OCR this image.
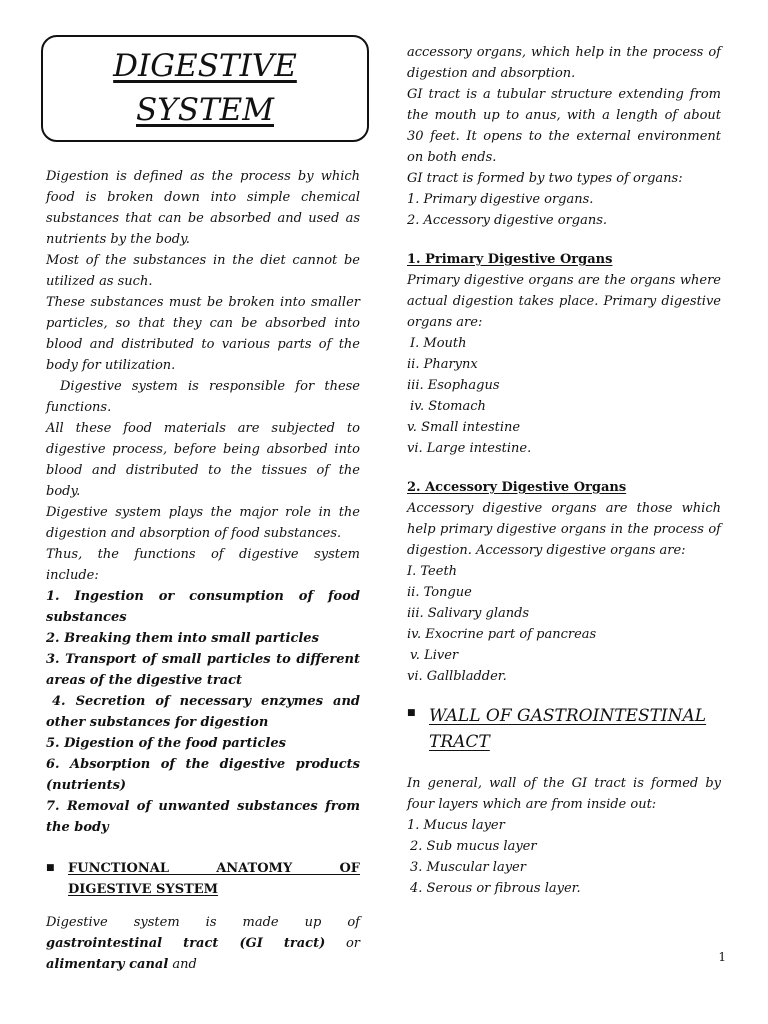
DIGESTIVE
SYSTEM

Digestion is defined as the process by which food is broken down into simple chemical substances that can be absorbed and used as nutrients by the body.

Most of the substances in the diet cannot be utilized as such.

These substances must be broken into smaller particles, so that they can be absorbed into blood and distributed to various parts of the body for utilization.

Digestive system is responsible for these functions.

All these food materials are subjected to digestive process, before being absorbed into blood and distributed to the tissues of the body.

Digestive system plays the major role in the digestion and absorption of food substances.

Thus, the functions of digestive system include:

1. Ingestion or consumption of food substances

2. Breaking them into small particles

3. Transport of small particles to different areas of the digestive tract

4. Secretion of necessary enzymes and other substances for digestion

5. Digestion of the food particles

6. Absorption of the digestive products (nutrients)

7. Removal of unwanted substances from the body

■	FUNCTIONAL ANATOMY OF
DIGESTIVE SYSTEM

Digestive system is made up of gastrointestinal tract (GI tract) or alimentary canal and

accessory organs, which help in the process of digestion and absorption.

GI tract is a tubular structure extending from the mouth up to anus, with a length of about 30 feet. It opens to the external environment on both ends.

GI tract is formed by two types of organs:

1. Primary digestive organs.

2. Accessory digestive organs.

1. Primary Digestive Organs

Primary digestive organs are the organs where actual digestion takes place. Primary digestive organs are:

I. Mouth

ii. Pharynx

iii. Esophagus

iv. Stomach

v. Small intestine

vi. Large intestine.

2. Accessory Digestive Organs

Accessory digestive organs are those which help primary digestive organs in the process of digestion. Accessory digestive organs are:

I. Teeth

ii. Tongue

iii. Salivary glands

iv. Exocrine part of pancreas

v. Liver

vi. Gallbladder.

■ WALL OF GASTROINTESTINAL
TRACT

In general, wall of the GI tract is formed by four layers which are from inside out:

1. Mucus layer

2. Sub mucus layer

3. Muscular layer

4. Serous or fibrous layer.

1
